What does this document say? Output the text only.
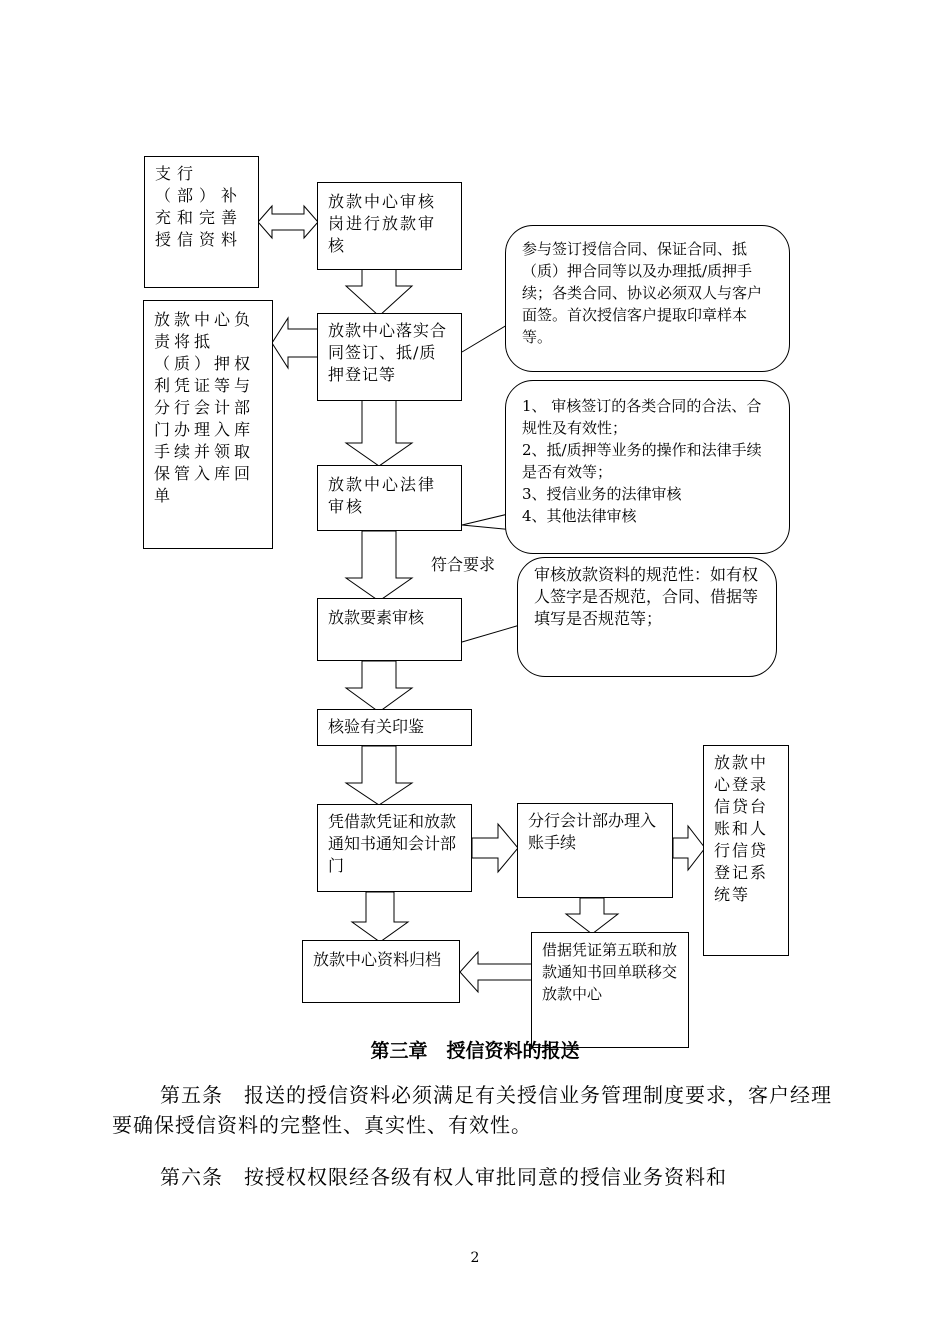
支行（部）补充和完善授信资料
放款中心审核岗进行放款审核
放款中心负责将抵（质）押权利凭证等与分行会计部门办理入库手续并领取保管入库回单
放款中心落实合同签订、抵/质押登记等
放款中心法律审核
放款要素审核
核验有关印鉴
凭借款凭证和放款通知书通知会计部门
分行会计部办理入账手续
放款中心登录信贷台账和人行信贷登记系统等
放款中心资料归档	借据凭证第五联和放款通知书回单联移交放款中心
参与签订授信合同、保证合同、抵（质）押合同等以及办理抵/质押手续；各类合同、协议必须双人与客户面签。首次授信客户提取印章样本等。
1、 审核签订的各类合同的合法、合规性及有效性；
2、抵/质押等业务的操作和法律手续是否有效等；
3、授信业务的法律审核
4、其他法律审核
符合要求
审核放款资料的规范性：如有权人签字是否规范，合同、借据等填写是否规范等；
第三章　授信资料的报送
第五条　报送的授信资料必须满足有关授信业务管理制度要求，客户经理要确保授信资料的完整性、真实性、有效性。
第六条　按授权权限经各级有权人审批同意的授信业务资料和
2
